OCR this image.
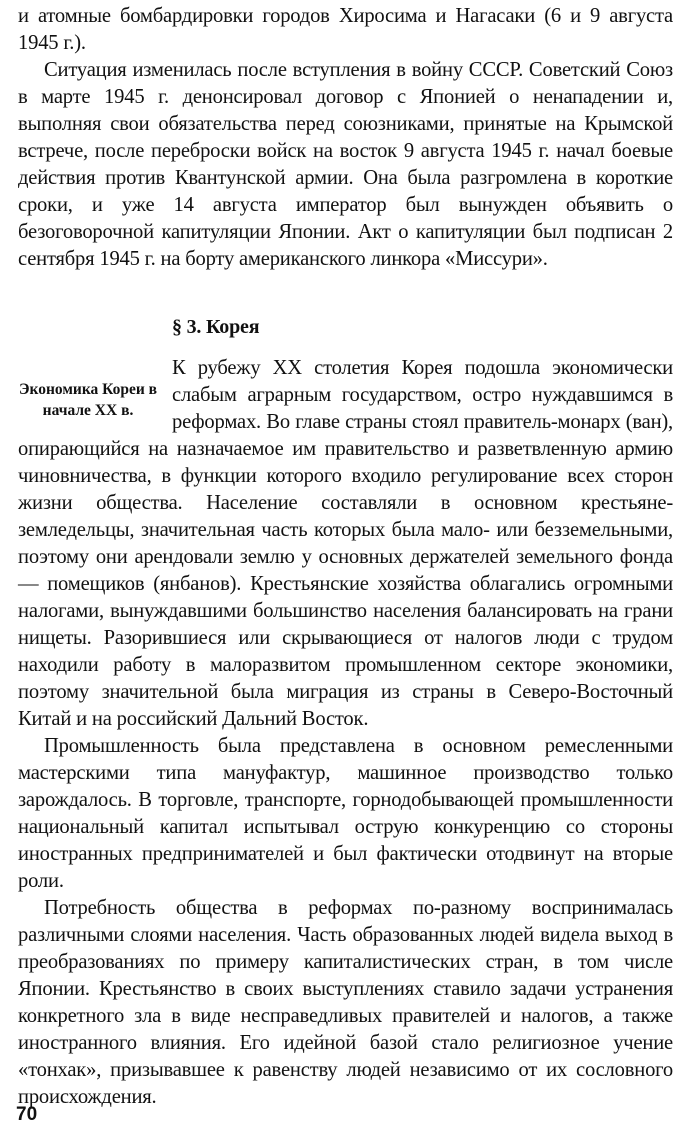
и атомные бомбардировки городов Хиросима и Нагасаки (6 и 9 августа 1945 г.).

Ситуация изменилась после вступления в войну СССР. Советский Союз в марте 1945 г. денонсировал договор с Японией о ненападении и, выполняя свои обязательства перед союзниками, принятые на Крымской встрече, после переброски войск на восток 9 августа 1945 г. начал боевые действия против Квантунской армии. Она была разгромлена в короткие сроки, и уже 14 августа император был вынужден объявить о безоговорочной капитуляции Японии. Акт о капитуляции был подписан 2 сентября 1945 г. на борту американского линкора «Миссури».

§ 3. Корея
Экономика Кореи в начале XX в.

К рубежу XX столетия Корея подошла экономически слабым аграрным государством, остро нуждавшимся в реформах. Во главе страны стоял правитель-монарх (ван), опирающийся на назначаемое им правительство и разветвленную армию чиновничества, в функции которого входило регулирование всех сторон жизни общества. Население составляли в основном крестьяне-земледельцы, значительная часть которых была мало- или безземельными, поэтому они арендовали землю у основных держателей земельного фонда — помещиков (янбанов). Крестьянские хозяйства облагались огромными налогами, вынуждавшими большинство населения балансировать на грани нищеты. Разорившиеся или скрывающиеся от налогов люди с трудом находили работу в малоразвитом промышленном секторе экономики, поэтому значительной была миграция из страны в Северо-Восточный Китай и на российский Дальний Восток.

Промышленность была представлена в основном ремесленными мастерскими типа мануфактур, машинное производство только зарождалось. В торговле, транспорте, горнодобывающей промышленности национальный капитал испытывал острую конкуренцию со стороны иностранных предпринимателей и был фактически отодвинут на вторые роли.

Потребность общества в реформах по-разному воспринималась различными слоями населения. Часть образованных людей видела выход в преобразованиях по примеру капиталистических стран, в том числе Японии. Крестьянство в своих выступлениях ставило задачи устранения конкретного зла в виде несправедливых правителей и налогов, а также иностранного влияния. Его идейной базой стало религиозное учение «тонхак», призывавшее к равенству людей независимо от их сословного происхождения.

70
